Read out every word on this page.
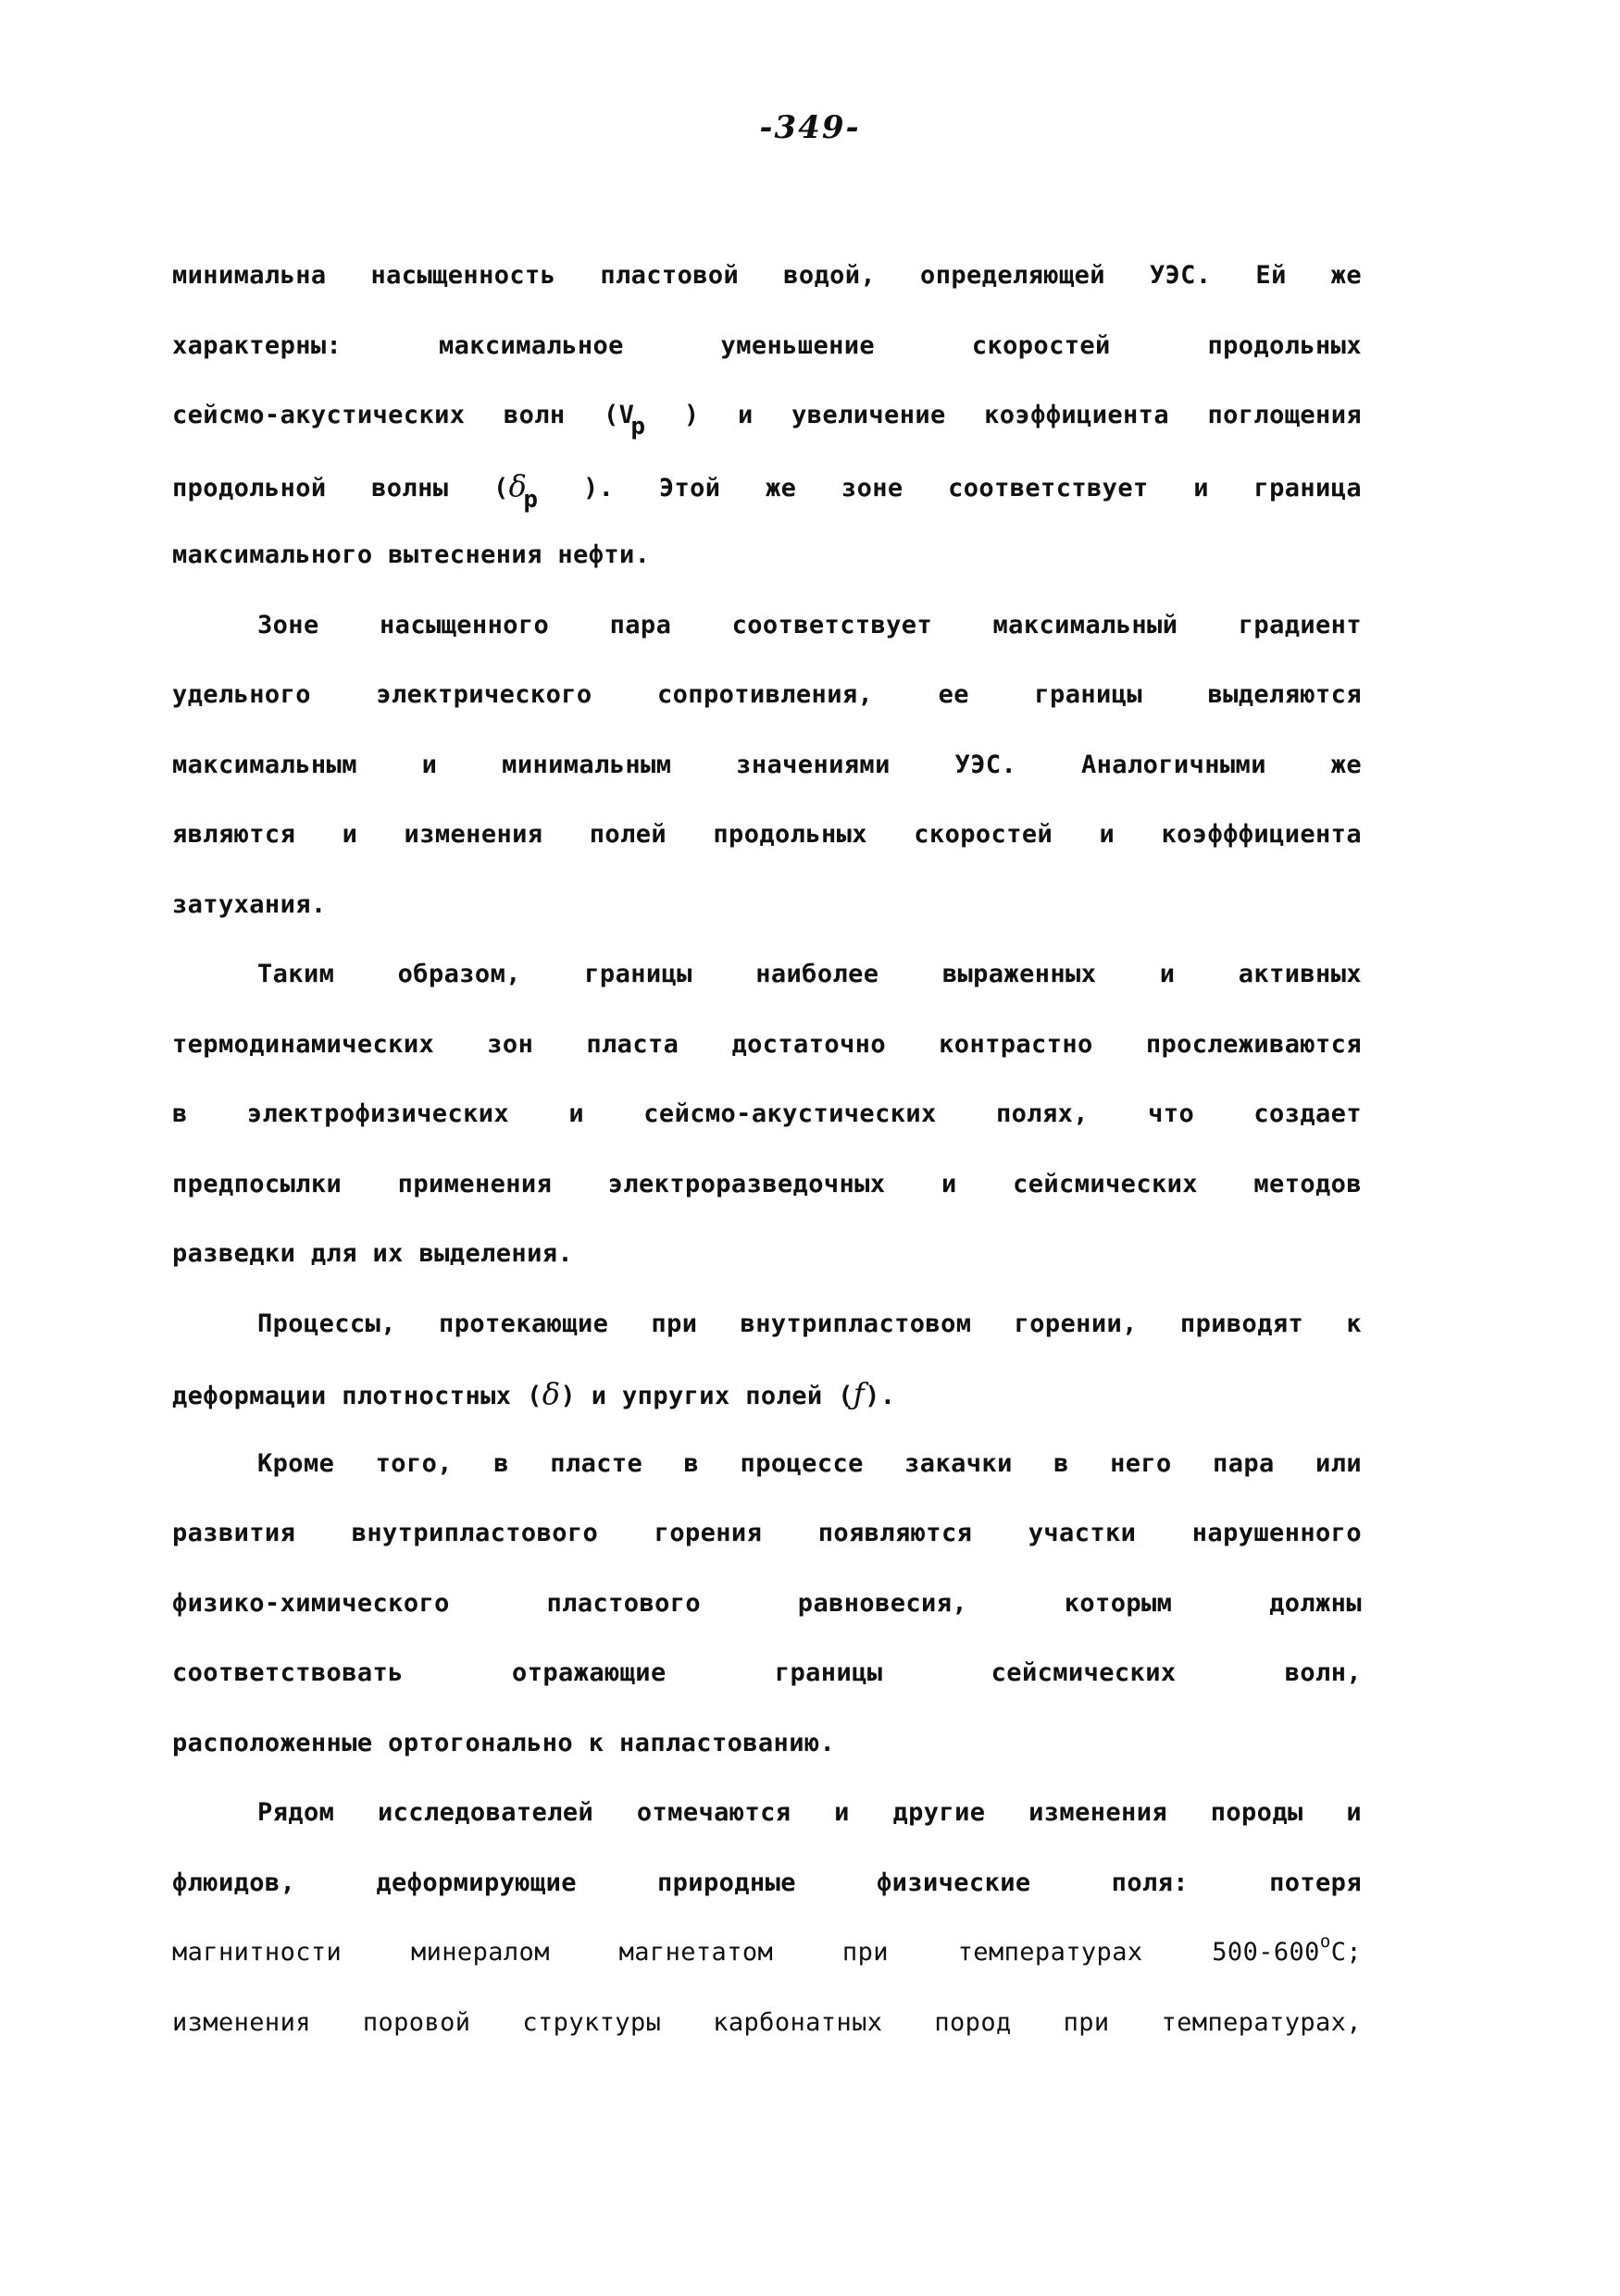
-349-
минимальна насыщенность пластовой водой, определяющей УЭС. Ей же
характерны: максимальное уменьшение скоростей продольных
сейсмо-акустических волн (Vp ) и увеличение коэффициента поглощения
продольной волны (δp ). Этой же зоне соответствует и граница
максимального вытеснения нефти.
Зоне насыщенного пара соответствует максимальный градиент
удельного электрического сопротивления, ее границы выделяются
максимальным и минимальным значениями УЭС. Аналогичными же
являются и изменения полей продольных скоростей и коэфффициента
затухания.
Таким образом, границы наиболее выраженных и активных
термодинамических зон пласта достаточно контрастно прослеживаются
в электрофизических и сейсмо-акустических полях, что создает
предпосылки применения электроразведочных и сейсмических методов
разведки для их выделения.
Процессы, протекающие при внутрипластовом горении, приводят к
деформации плотностных (δ) и упругих полей (ƒ).
Кроме того, в пласте в процессе закачки в него пара или
развития внутрипластового горения появляются участки нарушенного
физико-химического пластового равновесия, которым должны
соответствовать отражающие границы сейсмических волн,
расположенные ортогонально к напластованию.
Рядом исследователей отмечаются и другие изменения породы и
флюидов, деформирующие природные физические поля: потеря
магнитности минералом магнетатом при температурах $500-600^оС$;
изменения поровой структуры карбонатных пород при температурах,
